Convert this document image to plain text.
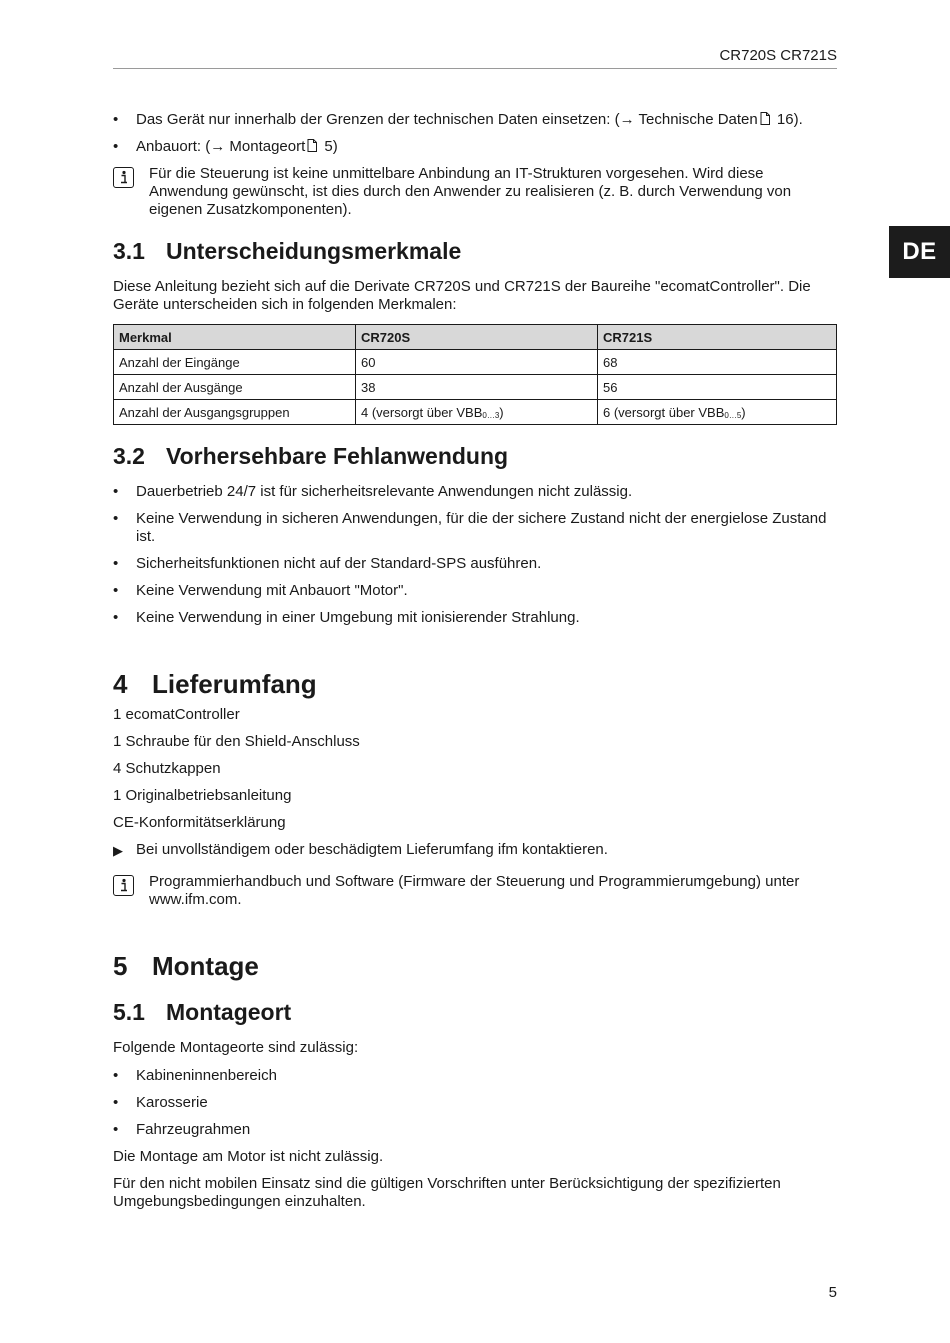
CR720S CR721S
DE
• Das Gerät nur innerhalb der Grenzen der technischen Daten einsetzen: (→ Technische Daten 16).
• Anbauort: (→ Montageort 5)

Für die Steuerung ist keine unmittelbare Anbindung an IT-Strukturen vorgesehen. Wird diese Anwendung gewünscht, ist dies durch den Anwender zu realisieren (z. B. durch Verwendung von eigenen Zusatzkomponenten).

3.1 Unterscheidungsmerkmale

Diese Anleitung bezieht sich auf die Derivate CR720S und CR721S der Baureihe "ecomatController". Die Geräte unterscheiden sich in folgenden Merkmalen:

Merkmal	CR720S	CR721S
Anzahl der Eingänge	60	68
Anzahl der Ausgänge	38	56
Anzahl der Ausgangsgruppen	4 (versorgt über $VBB_{0\dots 3}$)	6 (versorgt über $VBB_{0\dots 5}$)
3.2 Vorhersehbare Fehlanwendung
• Dauerbetrieb 24/7 ist für sicherheitsrelevante Anwendungen nicht zulässig.
• Keine Verwendung in sicheren Anwendungen, für die der sichere Zustand nicht der energielose Zustand ist.
• Sicherheitsfunktionen nicht auf der Standard-SPS ausführen.
• Keine Verwendung mit Anbauort "Motor".
• Keine Verwendung in einer Umgebung mit ionisierender Strahlung.
4 Lieferumfang

1 ecomatController

1 Schraube für den Shield-Anschluss

4 Schutzkappen

1 Originalbetriebsanleitung

CE-Konformitätserklärung

▶ Bei unvollständigem oder beschädigtem Lieferumfang ifm kontaktieren.

Programmierhandbuch und Software (Firmware der Steuerung und Programmierumgebung) unter www.ifm.com.

5 Montage
5.1 Montageort

Folgende Montageorte sind zulässig:

• Kabineninnenbereich
• Karosserie
• Fahrzeugrahmen

Die Montage am Motor ist nicht zulässig.

Für den nicht mobilen Einsatz sind die gültigen Vorschriften unter Berücksichtigung der spezifizierten Umgebungsbedingungen einzuhalten.

5
